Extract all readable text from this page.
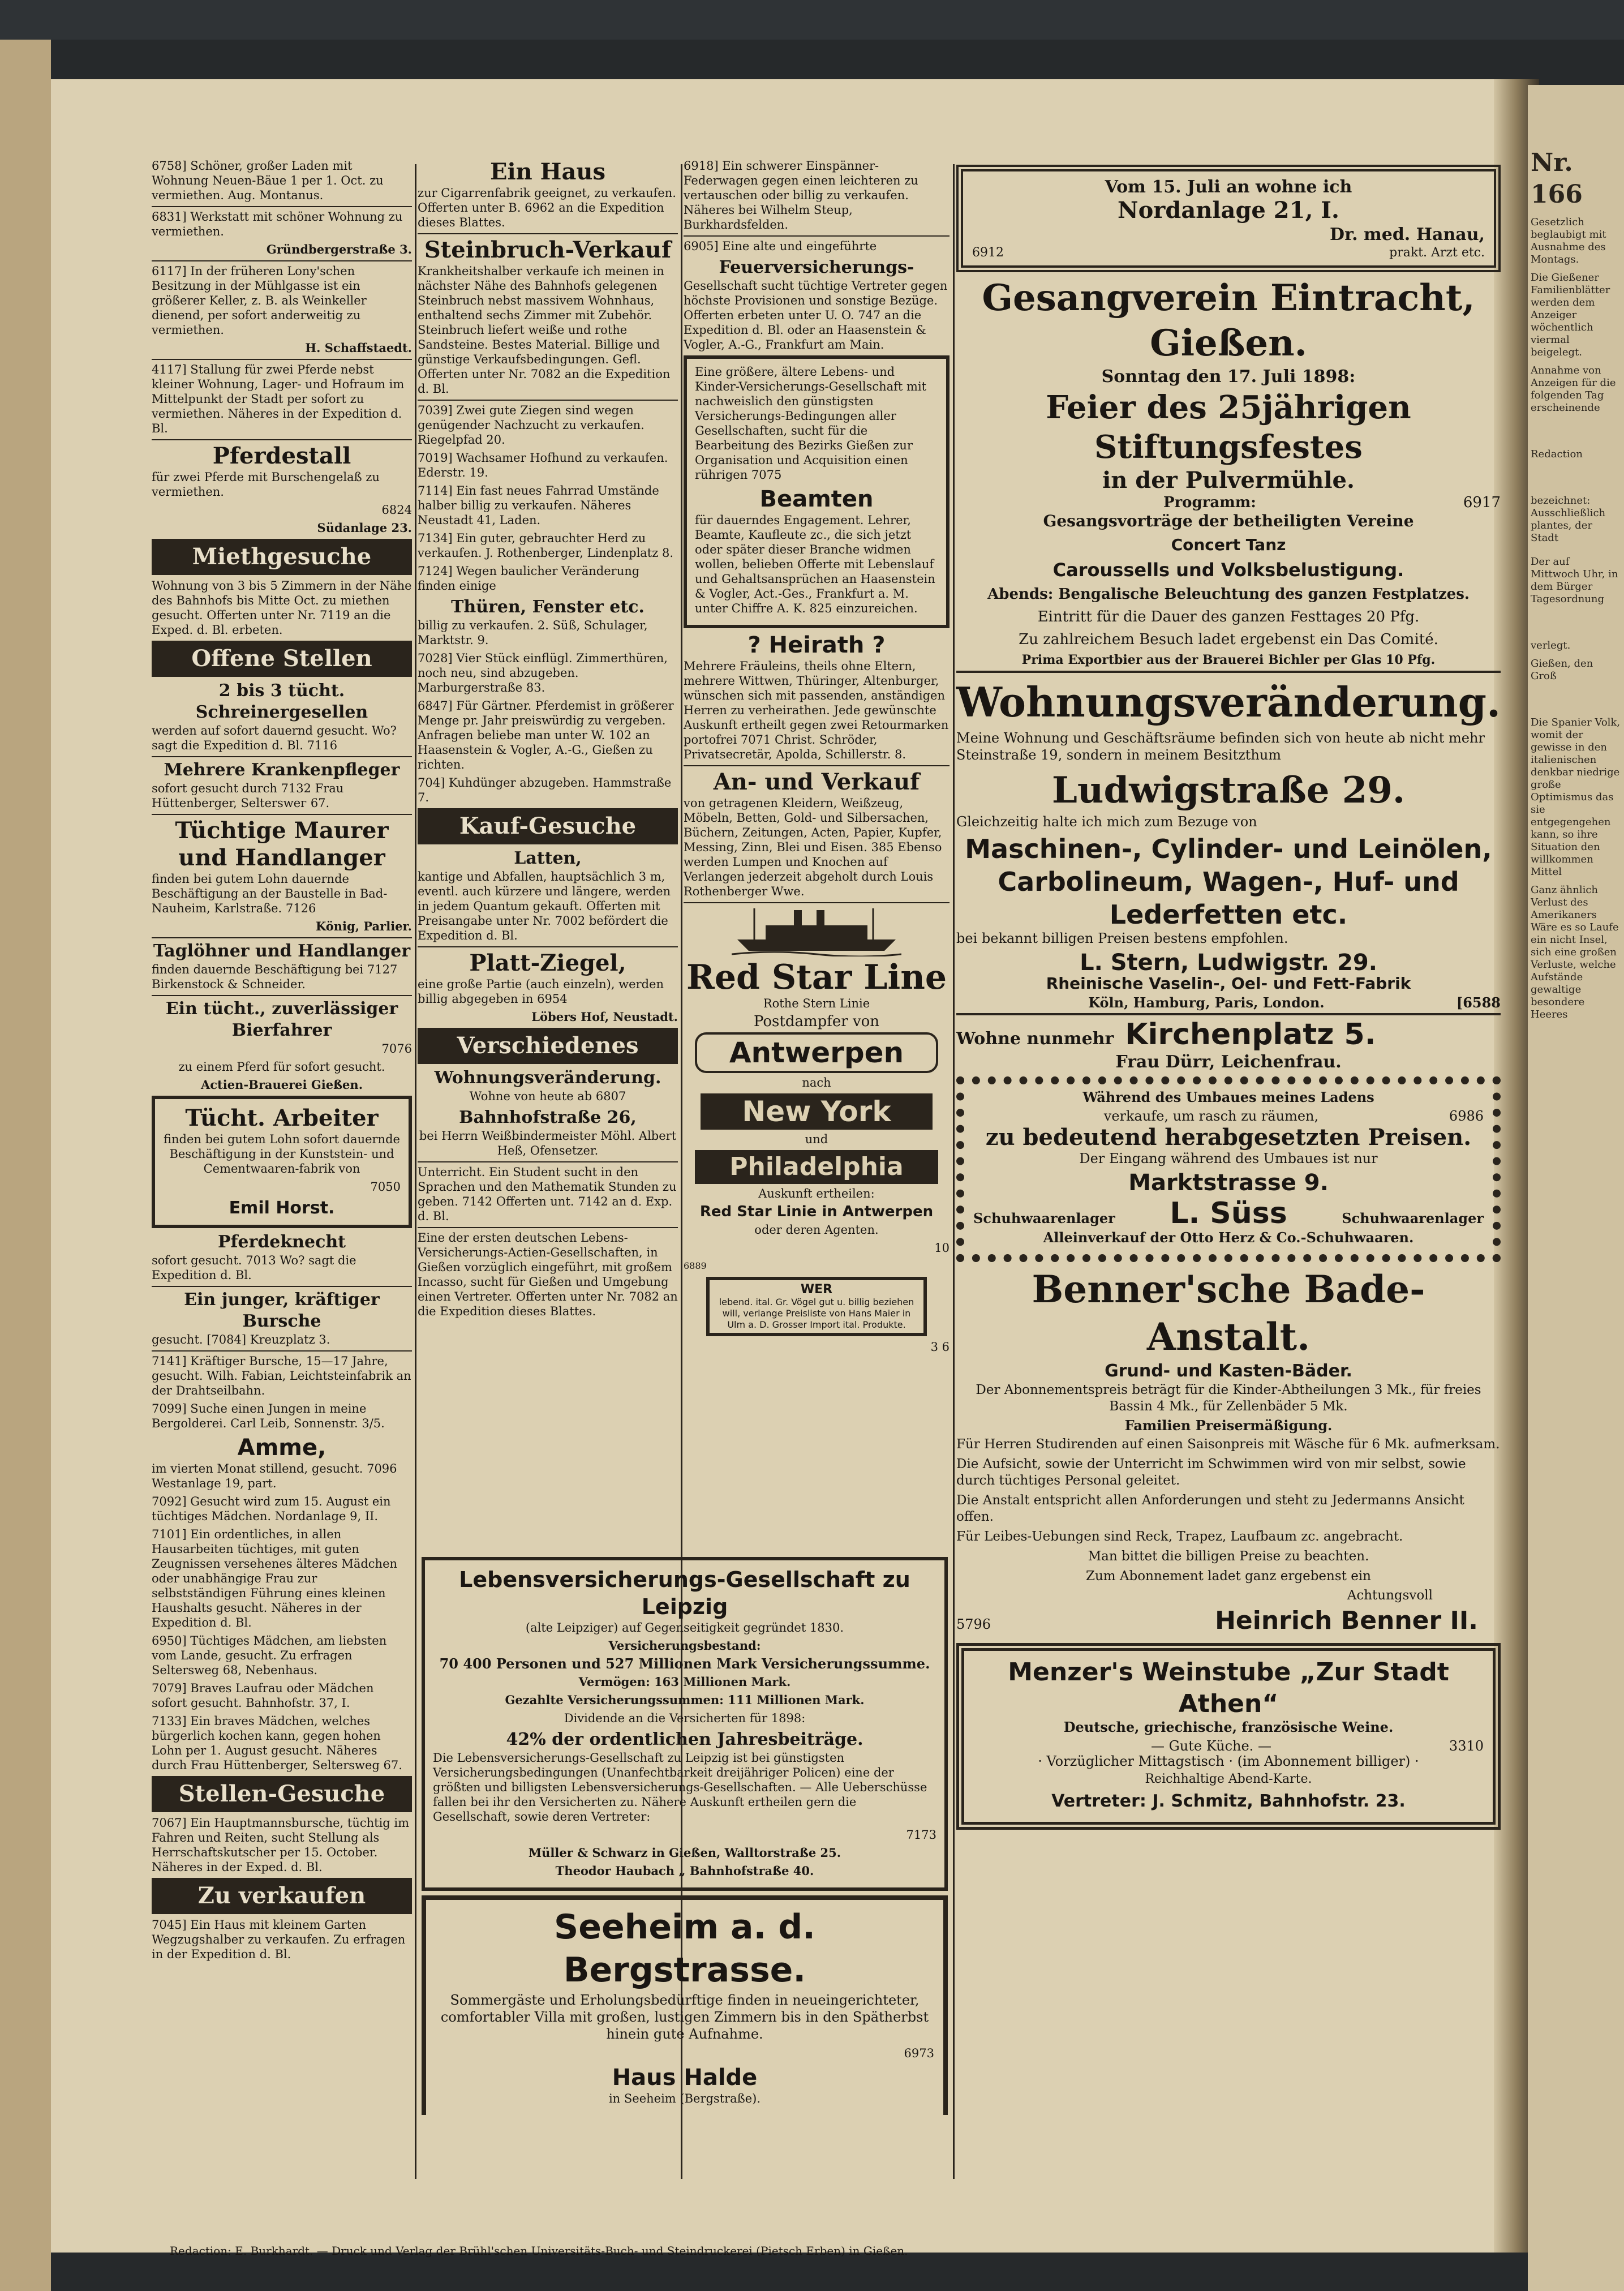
Nr. 166
Gesetzlich beglaubigt mit Ausnahme des Montags.
Die Gießener Familienblätter werden dem Anzeiger wöchentlich viermal beigelegt.
Annahme von Anzeigen für die folgenden Tag erscheinende
Redaction
bezeichnet: Ausschließlich plantes, der Stadt
Der auf Mittwoch Uhr, in dem Bürger Tagesordnung
verlegt.
Gießen, den Groß
Die Spanier Volk, womit der gewisse in den italienischen denkbar niedrige große Optimismus das sie entgegengehen kann, so ihre Situation den willkommen Mittel
Ganz ähnlich Verlust des Amerikaners Wäre es so Laufe ein nicht Insel, sich eine großen Verluste, welche Aufstände gewaltige besondere Heeres
6758] Schöner, großer Laden mit Wohnung Neuen-Bäue 1 per 1. Oct. zu vermiethen. Aug. Montanus.
6831] Werkstatt mit schöner Wohnung zu vermiethen.
Gründbergerstraße 3.
6117] In der früheren Lony'schen Besitzung in der Mühlgasse ist ein größerer Keller, z. B. als Weinkeller dienend, per sofort anderweitig zu vermiethen.
H. Schaffstaedt.
4117] Stallung für zwei Pferde nebst kleiner Wohnung, Lager- und Hofraum im Mittelpunkt der Stadt per sofort zu vermiethen. Näheres in der Expedition d. Bl.
Pferdestall
für zwei Pferde mit Burschengelaß zu vermiethen.
6824
Südanlage 23.
Miethgesuche
Wohnung von 3 bis 5 Zimmern in der Nähe des Bahnhofs bis Mitte Oct. zu miethen gesucht. Offerten unter Nr. 7119 an die Exped. d. Bl. erbeten.
Offene Stellen
2 bis 3 tücht. Schreinergesellen
werden auf sofort dauernd gesucht. Wo? sagt die Expedition d. Bl. 7116
Mehrere Krankenpfleger
sofort gesucht durch 7132 Frau Hüttenberger, Selterswег 67.
Tüchtige Maurer und Handlanger
finden bei gutem Lohn dauernde Beschäftigung an der Baustelle in Bad-Nauheim, Karlstraße. 7126
König, Parlier.
Taglöhner und Handlanger
finden dauernde Beschäftigung bei 7127 Birkenstock & Schneider.
Ein tücht., zuverlässiger Bierfahrer
7076
zu einem Pferd für sofort gesucht.
Actien-Brauerei Gießen.
Tücht. Arbeiter
finden bei gutem Lohn sofort dauernde Beschäftigung in der Kunststein- und Cementwaaren-fabrik von
7050
Emil Horst.
Pferdeknecht
sofort gesucht. 7013 Wo? sagt die Expedition d. Bl.
Ein junger, kräftiger Bursche
gesucht. [7084] Kreuzplatz 3.
7141] Kräftiger Bursche, 15—17 Jahre, gesucht. Wilh. Fabian, Leichtsteinfabrik an der Drahtseilbahn.
7099] Suche einen Jungen in meine Bergolderei. Carl Leib, Sonnenstr. 3/5.
Amme,
im vierten Monat stillend, gesucht. 7096 Westanlage 19, part.
7092] Gesucht wird zum 15. August ein tüchtiges Mädchen. Nordanlage 9, II.
7101] Ein ordentliches, in allen Hausarbeiten tüchtiges, mit guten Zeugnissen versehenes älteres Mädchen oder unabhängige Frau zur selbstständigen Führung eines kleinen Haushalts gesucht. Näheres in der Expedition d. Bl.
6950] Tüchtiges Mädchen, am liebsten vom Lande, gesucht. Zu erfragen Seltersweg 68, Nebenhaus.
7079] Braves Laufrau oder Mädchen sofort gesucht. Bahnhofstr. 37, I.
7133] Ein braves Mädchen, welches bürgerlich kochen kann, gegen hohen Lohn per 1. August gesucht. Näheres durch Frau Hüttenberger, Seltersweg 67.
Stellen-Gesuche
7067] Ein Hauptmannsbursche, tüchtig im Fahren und Reiten, sucht Stellung als Herrschaftskutscher per 15. October. Näheres in der Exped. d. Bl.
Zu verkaufen
7045] Ein Haus mit kleinem Garten Wegzugshalber zu verkaufen. Zu erfragen in der Expedition d. Bl.
Ein Haus
zur Cigarrenfabrik geeignet, zu verkaufen. Offerten unter B. 6962 an die Expedition dieses Blattes.
Steinbruch-Verkauf
Krankheitshalber verkaufe ich meinen in nächster Nähe des Bahnhofs gelegenen Steinbruch nebst massivem Wohnhaus, enthaltend sechs Zimmer mit Zubehör. Steinbruch liefert weiße und rothe Sandsteine. Bestes Material. Billige und günstige Verkaufsbedingungen. Gefl. Offerten unter Nr. 7082 an die Expedition d. Bl.
7039] Zwei gute Ziegen sind wegen genügender Nachzucht zu verkaufen. Riegelpfad 20.
7019] Wachsamer Hofhund zu verkaufen. Ederstr. 19.
7114] Ein fast neues Fahrrad Umstände halber billig zu verkaufen. Näheres Neustadt 41, Laden.
7134] Ein guter, gebrauchter Herd zu verkaufen. J. Rothenberger, Lindenplatz 8.
7124] Wegen baulicher Veränderung finden einige
Thüren, Fenster etc.
billig zu verkaufen. 2. Süß, Schulager, Marktstr. 9.
7028] Vier Stück einflügl. Zimmerthüren, noch neu, sind abzugeben. Marburgerstraße 83.
6847] Für Gärtner. Pferdemist in größerer Menge pr. Jahr preiswürdig zu vergeben. Anfragen beliebe man unter W. 102 an Haasenstein & Vogler, A.-G., Gießen zu richten.
704] Kuhdünger abzugeben. Hammstraße 7.
Kauf-Gesuche
Latten,
kantige und Abfallen, hauptsächlich 3 m, eventl. auch kürzere und längere, werden in jedem Quantum gekauft. Offerten mit Preisangabe unter Nr. 7002 befördert die Expedition d. Bl.
Platt-Ziegel,
eine große Partie (auch einzeln), werden billig abgegeben in 6954
Löbers Hof, Neustadt.
Verschiedenes
Wohnungsveränderung.
Wohne von heute ab 6807
Bahnhofstraße 26,
bei Herrn Weißbindermeister Möhl. Albert Heß, Ofensetzer.
Unterricht. Ein Student sucht in den Sprachen und den Mathematik Stunden zu geben. 7142 Offerten unt. 7142 an d. Exp. d. Bl.
Eine der ersten deutschen Lebens-Versicherungs-Actien-Gesellschaften, in Gießen vorzüglich eingeführt, mit großem Incasso, sucht für Gießen und Umgebung einen Vertreter. Offerten unter Nr. 7082 an die Expedition dieses Blattes.
6918] Ein schwerer Einspänner-Federwagen gegen einen leichteren zu vertauschen oder billig zu verkaufen. Näheres bei Wilhelm Steup, Burkhardsfelden.
6905] Eine alte und eingeführte
Feuerversicherungs-
Gesellschaft sucht tüchtige Vertreter gegen höchste Provisionen und sonstige Bezüge. Offerten erbeten unter U. O. 747 an die Expedition d. Bl. oder an Haasenstein & Vogler, A.-G., Frankfurt am Main.
Eine größere, ältere Lebens- und Kinder-Versicherungs-Gesellschaft mit nachweislich den günstigsten Versicherungs-Bedingungen aller Gesellschaften, sucht für die Bearbeitung des Bezirks Gießen zur Organisation und Acquisition einen rührigen 7075
Beamten
für dauerndes Engagement. Lehrer, Beamte, Kaufleute zc., die sich jetzt oder später dieser Branche widmen wollen, belieben Offerte mit Lebenslauf und Gehaltsansprüchen an Haasenstein & Vogler, Act.-Ges., Frankfurt a. M. unter Chiffre A. K. 825 einzureichen.
? Heirath ?
Mehrere Fräuleins, theils ohne Eltern, mehrere Wittwen, Thüringer, Altenburger, wünschen sich mit passenden, anständigen Herren zu verheirathen. Jede gewünschte Auskunft ertheilt gegen zwei Retourmarken portofrei 7071 Christ. Schröder, Privatsecretär, Apolda, Schillerstr. 8.
An- und Verkauf
von getragenen Kleidern, Weißzeug, Möbeln, Betten, Gold- und Silbersachen, Büchern, Zeitungen, Acten, Papier, Kupfer, Messing, Zinn, Blei und Eisen. 385 Ebenso werden Lumpen und Knochen auf Verlangen jederzeit abgeholt durch Louis Rothenberger Wwe.
Red Star Line
Rothe Stern Linie
Postdampfer von
Antwerpen
nach
New York
und
Philadelphia
Auskunft ertheilen:
Red Star Linie in Antwerpen
oder deren Agenten.
10
6889
WER
lebend. ital. Gr. Vögel gut u. billig beziehen will, verlange Preisliste von Hans Maier in Ulm a. D. Grosser Import ital. Produkte.
3 6
Lebensversicherungs-Gesellschaft zu Leipzig
(alte Leipziger) auf Gegenseitigkeit gegründet 1830.
Versicherungsbestand:
70 400 Personen und 527 Millionen Mark Versicherungssumme.
Vermögen: 163 Millionen Mark.
Gezahlte Versicherungssummen: 111 Millionen Mark.
Dividende an die Versicherten für 1898:
42% der ordentlichen Jahresbeiträge.
Die Lebensversicherungs-Gesellschaft zu Leipzig ist bei günstigsten Versicherungsbedingungen (Unanfechtbarkeit dreijähriger Policen) eine der größten und billigsten Lebensversicherungs-Gesellschaften. — Alle Ueberschüsse fallen bei ihr den Versicherten zu. Nähere Auskunft ertheilen gern die Gesellschaft, sowie deren Vertreter:
7173
Müller & Schwarz in Gießen, Walltorstraße 25.
Theodor Haubach „ Bahnhofstraße 40.
Seeheim a. d. Bergstrasse.
Sommergäste und Erholungsbedürftige finden in neueingerichteter, comfortabler Villa mit großen, lustigen Zimmern bis in den Spätherbst hinein gute Aufnahme.
6973
Haus Halde
in Seeheim (Bergstraße).
Vom 15. Juli an wohne ich
Nordanlage 21, I.
Dr. med. Hanau,
6912	prakt. Arzt etc.
Gesangverein Eintracht, Gießen.
Sonntag den 17. Juli 1898:
Feier des 25jährigen Stiftungsfestes
in der Pulvermühle.
Programm:	6917
Gesangsvorträge der betheiligten Vereine
Concert Tanz
Caroussells und Volksbelustigung.
Abends: Bengalische Beleuchtung des ganzen Festplatzes.
Eintritt für die Dauer des ganzen Festtages 20 Pfg.
Zu zahlreichem Besuch ladet ergebenst ein Das Comité.
Prima Exportbier aus der Brauerei Bichler per Glas 10 Pfg.
Wohnungsveränderung.
Meine Wohnung und Geschäftsräume befinden sich von heute ab nicht mehr Steinstraße 19, sondern in meinem Besitzthum
Ludwigstraße 29.
Gleichzeitig halte ich mich zum Bezuge von
Maschinen-, Cylinder- und Leinölen,
Carbolineum, Wagen-, Huf- und
Lederfetten etc.
bei bekannt billigen Preisen bestens empfohlen.
L. Stern, Ludwigstr. 29.
Rheinische Vaselin-, Oel- und Fett-Fabrik
Köln, Hamburg, Paris, London.	[6588
Wohne nunmehr Kirchenplatz 5.
Frau Dürr, Leichenfrau.
Während des Umbaues meines Ladens
verkaufe, um rasch zu räumen,	6986
zu bedeutend herabgesetzten Preisen.
Der Eingang während des Umbaues ist nur
Marktstrasse 9.
Schuhwaarenlager L. Süss	Schuhwaarenlager
Alleinverkauf der Otto Herz & Co.-Schuhwaaren.
Benner'sche Bade-Anstalt.
Grund- und Kasten-Bäder.
Der Abonnementspreis beträgt für die Kinder-Abtheilungen 3 Mk., für freies Bassin 4 Mk., für Zellenbäder 5 Mk.
Familien Preisermäßigung.
Für Herren Studirenden auf einen Saisonpreis mit Wäsche für 6 Mk. aufmerksam.
Die Aufsicht, sowie der Unterricht im Schwimmen wird von mir selbst, sowie durch tüchtiges Personal geleitet.
Die Anstalt entspricht allen Anforderungen und steht zu Jedermanns Ansicht offen.
Für Leibes-Uebungen sind Reck, Trapez, Laufbaum zc. angebracht.
Man bittet die billigen Preise zu beachten.
Zum Abonnement ladet ganz ergebenst ein
Achtungsvoll
5796	Heinrich Benner II.
Menzer's Weinstube „Zur Stadt Athen“
Deutsche, griechische, französische Weine.
— Gute Küche. —	3310
· Vorzüglicher Mittagstisch · (im Abonnement billiger) ·
Reichhaltige Abend-Karte.
Vertreter: J. Schmitz, Bahnhofstr. 23.
Redaction: E. Burkhardt. — Druck und Verlag der Brühl'schen Universitäts-Buch- und Steindruckerei (Pietsch Erben) in Gießen.
